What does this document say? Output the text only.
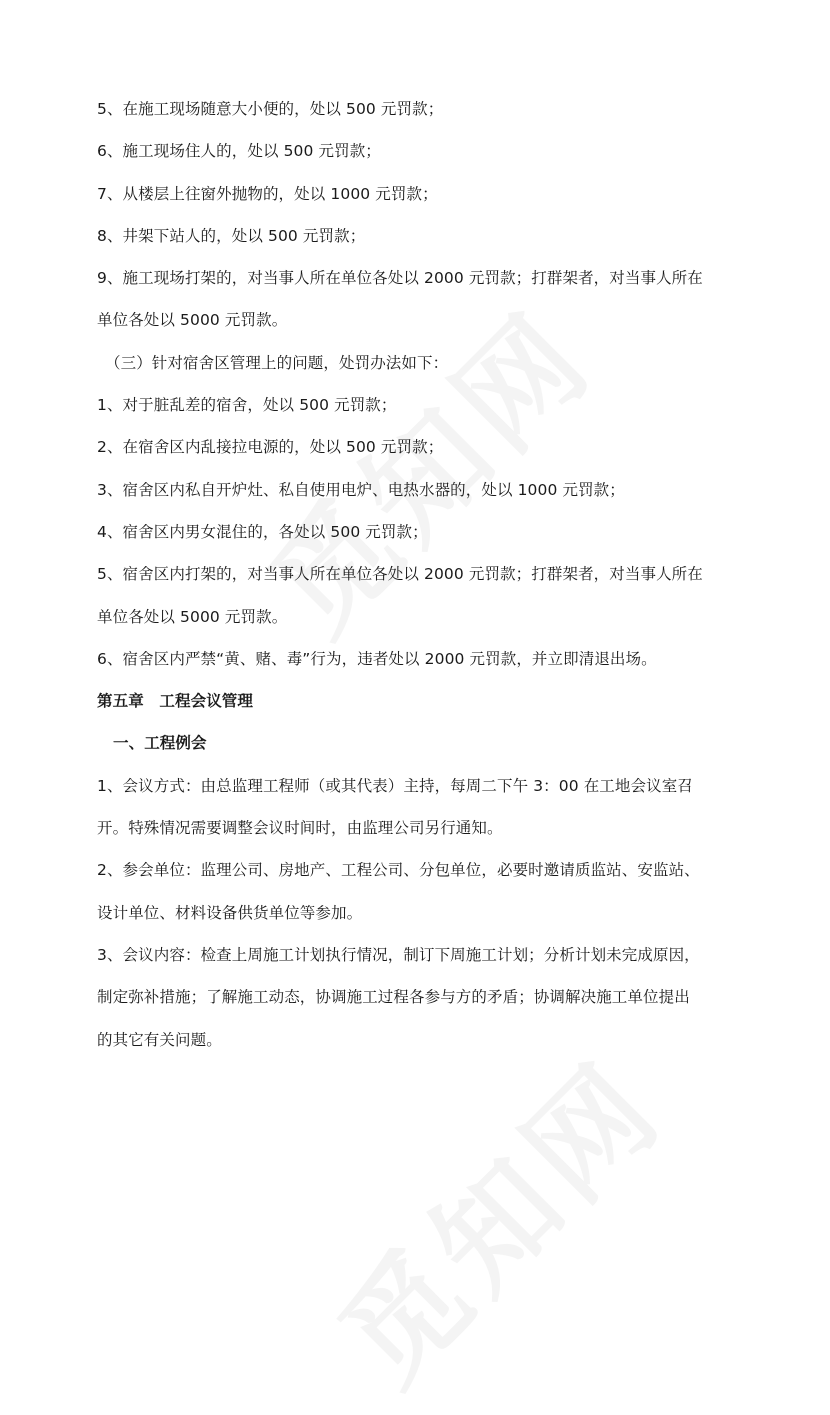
5、在施工现场随意大小便的，处以 500 元罚款；
6、施工现场住人的，处以 500 元罚款；
7、从楼层上往窗外抛物的，处以 1000 元罚款；
8、井架下站人的，处以 500 元罚款；
9、施工现场打架的，对当事人所在单位各处以 2000 元罚款；打群架者，对当事人所在
单位各处以 5000 元罚款。
（三）针对宿舍区管理上的问题，处罚办法如下：
1、对于脏乱差的宿舍，处以 500 元罚款；
2、在宿舍区内乱接拉电源的，处以 500 元罚款；
3、宿舍区内私自开炉灶、私自使用电炉、电热水器的，处以 1000 元罚款；
4、宿舍区内男女混住的，各处以 500 元罚款；
5、宿舍区内打架的，对当事人所在单位各处以 2000 元罚款；打群架者，对当事人所在
单位各处以 5000 元罚款。
6、宿舍区内严禁“黄、赌、毒”行为，违者处以 2000 元罚款，并立即清退出场。
第五章　工程会议管理
一、工程例会
1、会议方式：由总监理工程师（或其代表）主持，每周二下午 3：00 在工地会议室召
开。特殊情况需要调整会议时间时，由监理公司另行通知。
2、参会单位：监理公司、房地产、工程公司、分包单位，必要时邀请质监站、安监站、
设计单位、材料设备供货单位等参加。
3、会议内容：检查上周施工计划执行情况，制订下周施工计划；分析计划未完成原因，
制定弥补措施；了解施工动态，协调施工过程各参与方的矛盾；协调解决施工单位提出
的其它有关问题。
